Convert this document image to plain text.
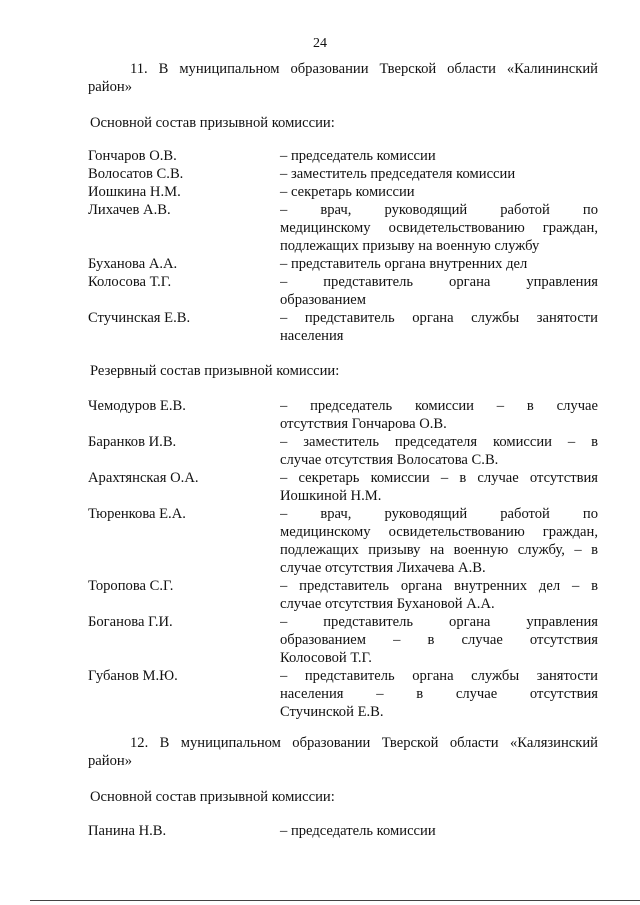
24
11. В муниципальном образовании Тверской области «Калининский
район»
Основной состав призывной комиссии:
Гончаров О.В.	– председатель комиссии
Волосатов С.В.	– заместитель председателя комиссии
Иошкина Н.М.	– секретарь комиссии
Лихачев А.В.	– врач, руководящий работой по
медицинскому освидетельствованию граждан,
подлежащих призыву на военную службу
Буханова А.А.	– представитель органа внутренних дел
Колосова Т.Г.	– представитель органа управления
образованием
Стучинская Е.В.	– представитель органа службы занятости
населения
Резервный состав призывной комиссии:
Чемодуров Е.В.	– председатель комиссии – в случае
отсутствия Гончарова О.В.
Баранков И.В.	– заместитель председателя комиссии – в
случае отсутствия Волосатова С.В.
Арахтянская О.А.	– секретарь комиссии – в случае отсутствия
Иошкиной Н.М.
Тюренкова Е.А.	– врач, руководящий работой по
медицинскому освидетельствованию граждан,
подлежащих призыву на военную службу, – в
случае отсутствия Лихачева А.В.
Торопова С.Г.	– представитель органа внутренних дел – в
случае отсутствия Бухановой А.А.
Боганова Г.И.	– представитель органа управления
образованием – в случае отсутствия
Колосовой Т.Г.
Губанов М.Ю.	– представитель органа службы занятости
населения – в случае отсутствия
Стучинской Е.В.
12. В муниципальном образовании Тверской области «Калязинский
район»
Основной состав призывной комиссии:
Панина Н.В.	– председатель комиссии
